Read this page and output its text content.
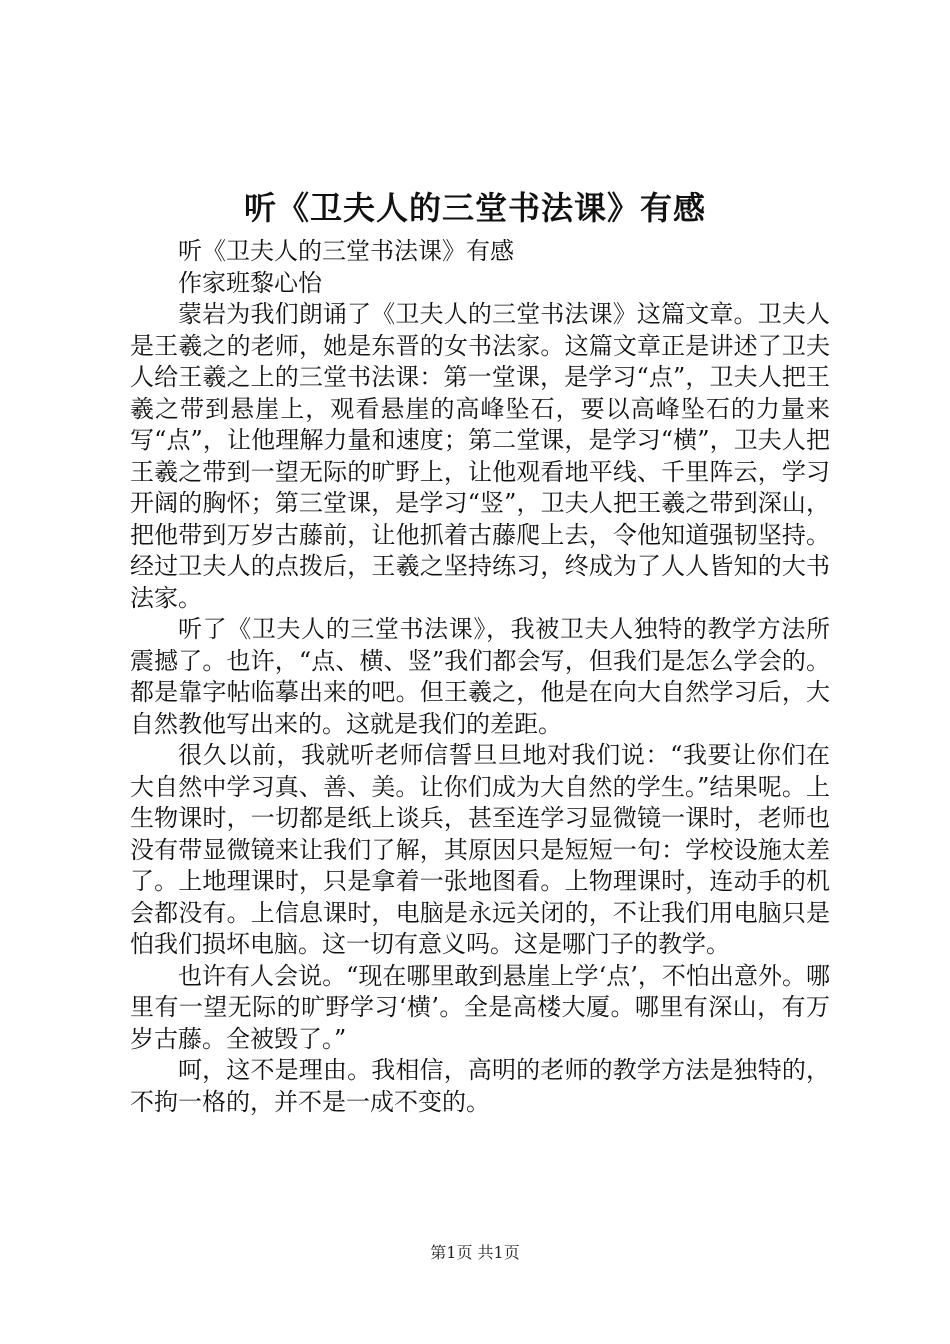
听《卫夫人的三堂书法课》有感

听《卫夫人的三堂书法课》有感

作家班黎心怡

蒙岩为我们朗诵了《卫夫人的三堂书法课》这篇文章。卫夫人是王羲之的老师，她是东晋的女书法家。这篇文章正是讲述了卫夫人给王羲之上的三堂书法课：第一堂课，是学习“点”，卫夫人把王羲之带到悬崖上，观看悬崖的高峰坠石，要以高峰坠石的力量来写“点”，让他理解力量和速度；第二堂课，是学习“横”，卫夫人把王羲之带到一望无际的旷野上，让他观看地平线、千里阵云，学习开阔的胸怀；第三堂课，是学习“竖”，卫夫人把王羲之带到深山，把他带到万岁古藤前，让他抓着古藤爬上去，令他知道强韧坚持。经过卫夫人的点拨后，王羲之坚持练习，终成为了人人皆知的大书法家。

听了《卫夫人的三堂书法课》，我被卫夫人独特的教学方法所震撼了。也许，“点、横、竖”我们都会写，但我们是怎么学会的。都是靠字帖临摹出来的吧。但王羲之，他是在向大自然学习后，大自然教他写出来的。这就是我们的差距。

很久以前，我就听老师信誓旦旦地对我们说：“我要让你们在大自然中学习真、善、美。让你们成为大自然的学生。”结果呢。上生物课时，一切都是纸上谈兵，甚至连学习显微镜一课时，老师也没有带显微镜来让我们了解，其原因只是短短一句：学校设施太差了。上地理课时，只是拿着一张地图看。上物理课时，连动手的机会都没有。上信息课时，电脑是永远关闭的，不让我们用电脑只是怕我们损坏电脑。这一切有意义吗。这是哪门子的教学。

也许有人会说。“现在哪里敢到悬崖上学‘点’，不怕出意外。哪里有一望无际的旷野学习‘横’。全是高楼大厦。哪里有深山，有万岁古藤。全被毁了。”

呵，这不是理由。我相信，高明的老师的教学方法是独特的，不拘一格的，并不是一成不变的。

第1页 共1页
